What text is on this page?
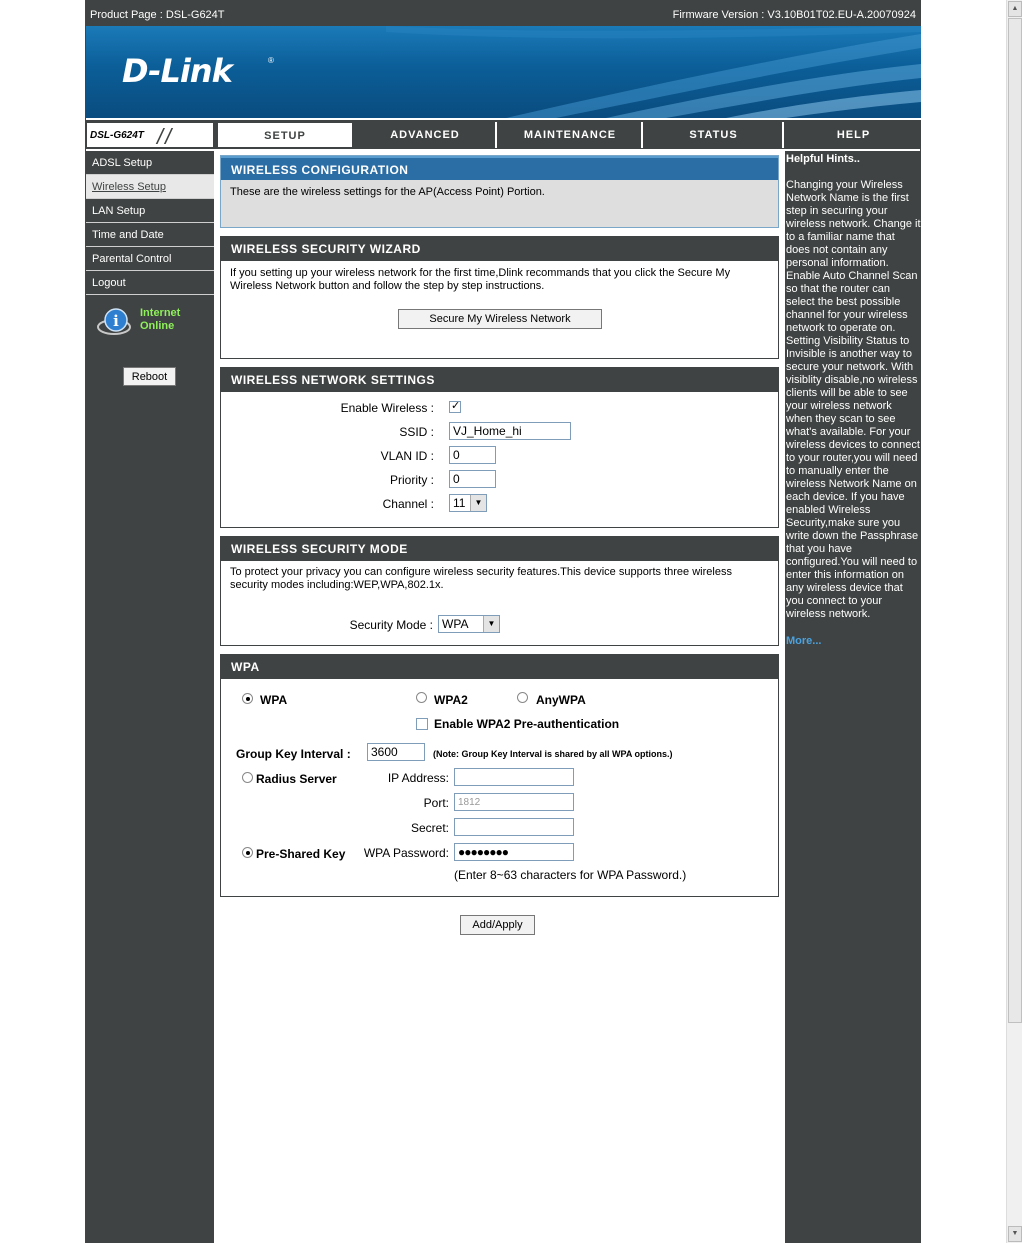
Product Page : DSL-G624T	Firmware Version : V3.10B01T02.EU-A.20070924
D-Link	®
DSL-G624T //	SETUP	ADVANCED	MAINTENANCE	STATUS	HELP
ADSL Setup
Wireless Setup
LAN Setup
Time and Date
Parental Control
Logout
i Internet
Online
Reboot
WIRELESS CONFIGURATION
These are the wireless settings for the AP(Access Point) Portion.
WIRELESS SECURITY WIZARD
If you setting up your wireless network for the first time,Dlink recommands that you click the Secure My Wireless Network button and follow the step by step instructions.
Secure My Wireless Network
WIRELESS NETWORK SETTINGS
Enable Wireless :
✓
SSID :
VJ_Home_hi
VLAN ID :
0
Priority :
0
Channel :	11	▼
WIRELESS SECURITY MODE
To protect your privacy you can configure wireless security features.This device supports three wireless security modes including:WEP,WPA,802.1x.
Security Mode : WPA	▼
WPA
WPA	WPA2	AnyWPA
Enable WPA2 Pre-authentication
Group Key Interval :
3600	(Note: Group Key Interval is shared by all WPA options.)
Radius Server	IP Address:
Port:
1812
Secret:
Pre-Shared Key WPA Password:
●●●●●●●●
(Enter 8~63 characters for WPA Password.)
Add/Apply
Helpful Hints..
Changing your Wireless Network Name is the first step in securing your wireless network. Change it to a familiar name that does not contain any personal information. Enable Auto Channel Scan so that the router can select the best possible channel for your wireless network to operate on. Setting Visibility Status to Invisible is another way to secure your network. With visiblity disable,no wireless clients will be able to see your wireless network when they scan to see what's available. For your wireless devices to connect to your router,you will need to manually enter the wireless Network Name on each device. If you have enabled Wireless Security,make sure you write down the Passphrase that you have configured.You will need to enter this information on any wireless device that you connect to your wireless network.
More...
▲
▼
